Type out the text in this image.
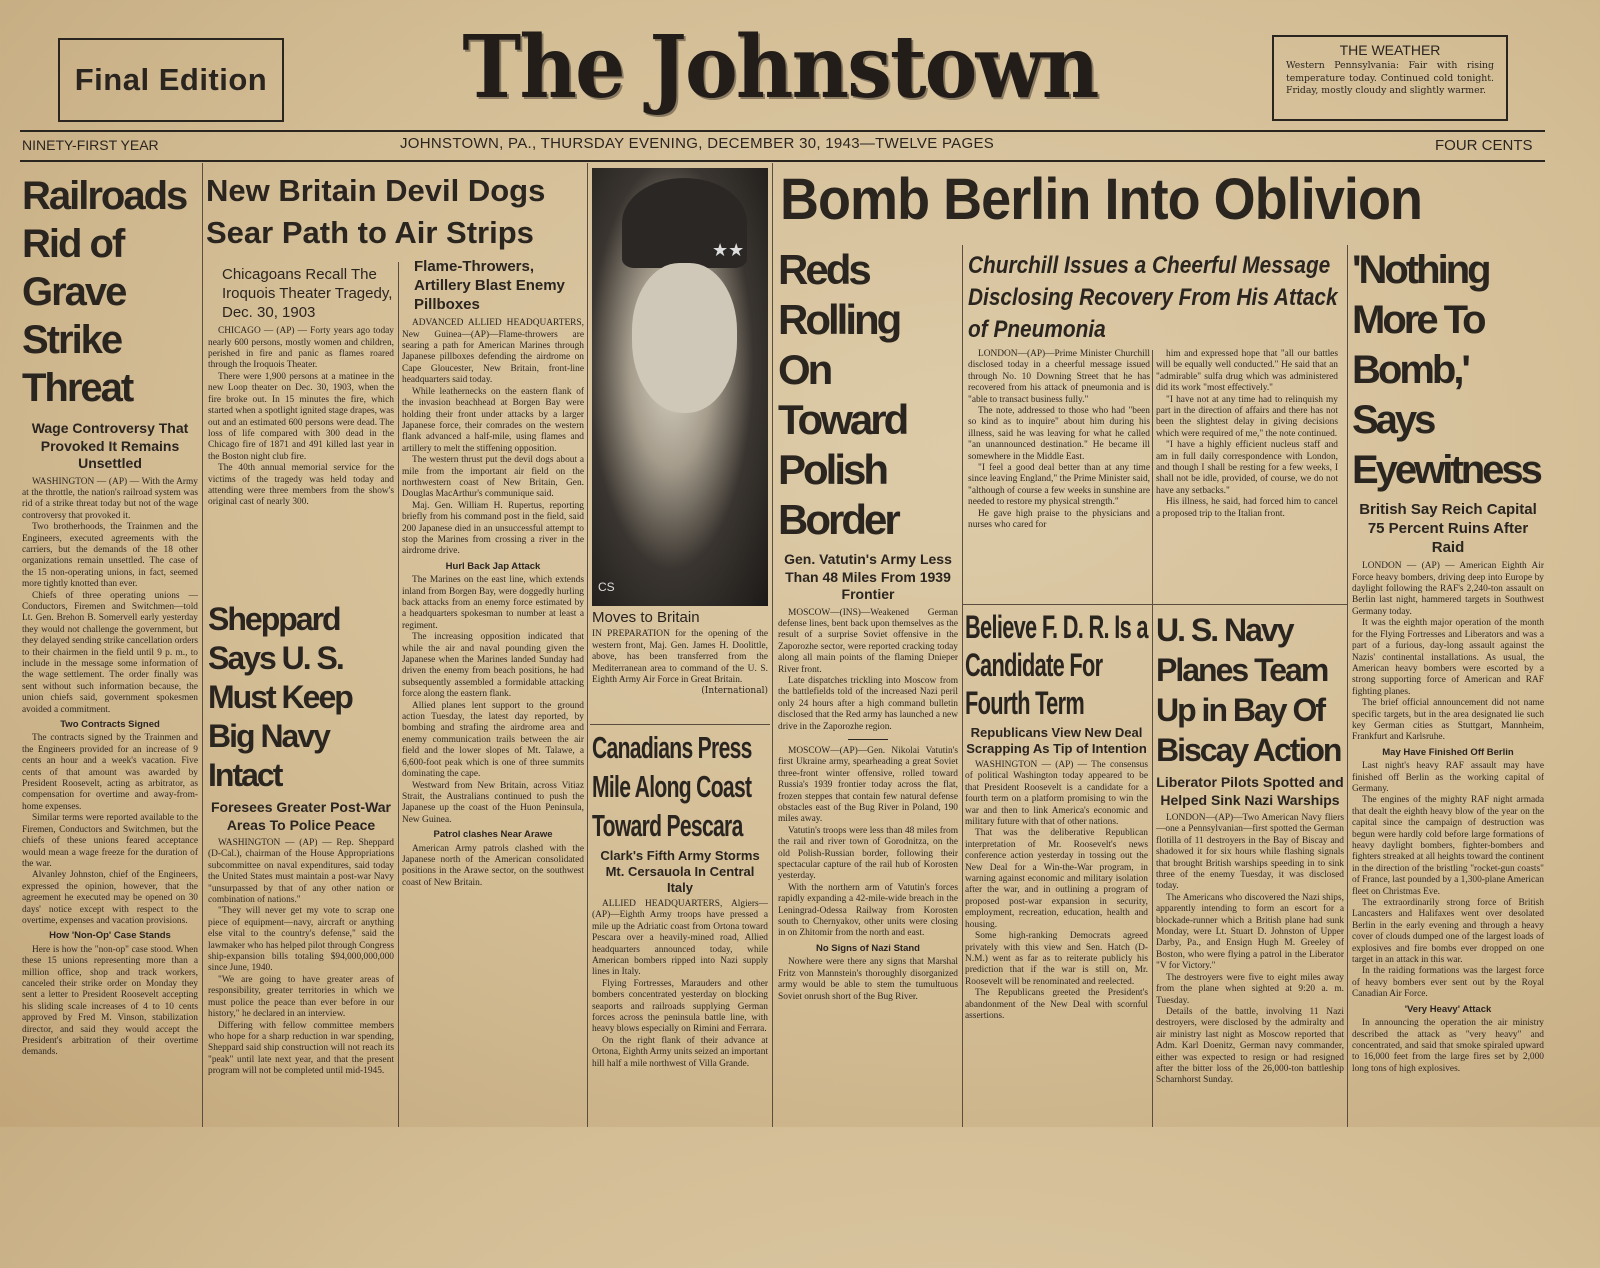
Final Edition	The Johnstown	THE WEATHER
Western Pennsylvania: Fair with rising temperature today. Continued cold tonight. Friday, mostly cloudy and slightly warmer.
NINETY-FIRST YEAR	JOHNSTOWN, PA., THURSDAY EVENING, DECEMBER 30, 1943—TWELVE PAGES	FOUR CENTS
Bomb Berlin Into Oblivion
Railroads Rid of Grave Strike Threat
Wage Controversy That Provoked It Remains Unsettled

WASHINGTON — (AP) — With the Army at the throttle, the nation's railroad system was rid of a strike threat today but not of the wage controversy that provoked it.

Two brotherhoods, the Trainmen and the Engineers, executed agreements with the carriers, but the demands of the 18 other organizations remain unsettled. The case of the 15 non-operating unions, in fact, seemed more tightly knotted than ever.

Chiefs of three operating unions —Conductors, Firemen and Switchmen—told Lt. Gen. Brehon B. Somervell early yesterday they would not challenge the government, but they delayed sending strike cancellation orders to their chairmen in the field until 9 p. m., to include in the message some information of the wage settlement. The order finally was sent without such information because, the union chiefs said, government spokesmen avoided a commitment.

Two Contracts Signed

The contracts signed by the Trainmen and the Engineers provided for an increase of 9 cents an hour and a week's vacation. Five cents of that amount was awarded by President Roosevelt, acting as arbitrator, as compensation for overtime and away-from-home expenses.

Similar terms were reported available to the Firemen, Conductors and Switchmen, but the chiefs of these unions feared acceptance would mean a wage freeze for the duration of the war.

Alvanley Johnston, chief of the Engineers, expressed the opinion, however, that the agreement he executed may be opened on 30 days' notice except with respect to the overtime, expenses and vacation provisions.

How 'Non-Op' Case Stands

Here is how the "non-op" case stood. When these 15 unions representing more than a million office, shop and track workers, canceled their strike order on Monday they sent a letter to President Roosevelt accepting his sliding scale increases of 4 to 10 cents approved by Fred M. Vinson, stabilization director, and said they would accept the President's arbitration of their overtime demands.

New Britain Devil Dogs Sear Path to Air Strips
Chicagoans Recall The Iroquois Theater Tragedy, Dec. 30, 1903

CHICAGO — (AP) — Forty years ago today nearly 600 persons, mostly women and children, perished in fire and panic as flames roared through the Iroquois Theater.

There were 1,900 persons at a matinee in the new Loop theater on Dec. 30, 1903, when the fire broke out. In 15 minutes the fire, which started when a spotlight ignited stage drapes, was out and an estimated 600 persons were dead. The loss of life compared with 300 dead in the Chicago fire of 1871 and 491 killed last year in the Boston night club fire.

The 40th annual memorial service for the victims of the tragedy was held today and attending were three members from the show's original cast of nearly 300.

Sheppard Says U. S. Must Keep Big Navy Intact
Foresees Greater Post-War Areas To Police Peace

WASHINGTON — (AP) — Rep. Sheppard (D-Cal.), chairman of the House Appropriations subcommittee on naval expenditures, said today the United States must maintain a post-war Navy "unsurpassed by that of any other nation or combination of nations."

"They will never get my vote to scrap one piece of equipment—navy, aircraft or anything else vital to the country's defense," said the lawmaker who has helped pilot through Congress ship-expansion bills totaling $94,000,000,000 since June, 1940.

"We are going to have greater areas of responsibility, greater territories in which we must police the peace than ever before in our history," he declared in an interview.

Differing with fellow committee members who hope for a sharp reduction in war spending, Sheppard said ship construction will not reach its "peak" until late next year, and that the present program will not be completed until mid-1945.

Flame-Throwers, Artillery Blast Enemy Pillboxes

ADVANCED ALLIED HEADQUARTERS, New Guinea—(AP)—Flame-throwers are searing a path for American Marines through Japanese pillboxes defending the airdrome on Cape Gloucester, New Britain, front-line headquarters said today.

While leathernecks on the eastern flank of the invasion beachhead at Borgen Bay were holding their front under attacks by a larger Japanese force, their comrades on the western flank advanced a half-mile, using flames and artillery to melt the stiffening opposition.

The western thrust put the devil dogs about a mile from the important air field on the northwestern coast of New Britain, Gen. Douglas MacArthur's communique said.

Maj. Gen. William H. Rupertus, reporting briefly from his command post in the field, said 200 Japanese died in an unsuccessful attempt to stop the Marines from crossing a river in the airdrome drive.

Hurl Back Jap Attack

The Marines on the east line, which extends inland from Borgen Bay, were doggedly hurling back attacks from an enemy force estimated by a headquarters spokesman to number at least a regiment.

The increasing opposition indicated that while the air and naval pounding given the Japanese when the Marines landed Sunday had driven the enemy from beach positions, he had subsequently assembled a formidable attacking force along the eastern flank.

Allied planes lent support to the ground action Tuesday, the latest day reported, by bombing and strafing the airdrome area and enemy communication trails between the air field and the lower slopes of Mt. Talawe, a 6,600-foot peak which is one of three summits dominating the cape.

Westward from New Britain, across Vitiaz Strait, the Australians continued to push the Japanese up the coast of the Huon Peninsula, New Guinea.

Patrol clashes Near Arawe

American Army patrols clashed with the Japanese north of the American consolidated positions in the Arawe sector, on the southwest coast of New Britain.

★★
CS
Moves to Britain
IN PREPARATION for the opening of the western front, Maj. Gen. James H. Doolittle, above, has been transferred from the Mediterranean area to command of the U. S. Eighth Army Air Force in Great Britain.
(International)
Canadians Press Mile Along Coast Toward Pescara
Clark's Fifth Army Storms Mt. Cersauola In Central Italy

ALLIED HEADQUARTERS, Algiers—(AP)—Eighth Army troops have pressed a mile up the Adriatic coast from Ortona toward Pescara over a heavily-mined road, Allied headquarters announced today, while American bombers ripped into Nazi supply lines in Italy.

Flying Fortresses, Marauders and other bombers concentrated yesterday on blocking seaports and railroads supplying German forces across the peninsula battle line, with heavy blows especially on Rimini and Ferrara.

On the right flank of their advance at Ortona, Eighth Army units seized an important hill half a mile northwest of Villa Grande.

Reds Rolling On Toward Polish Border
Gen. Vatutin's Army Less Than 48 Miles From 1939 Frontier

MOSCOW—(INS)—Weakened German defense lines, bent back upon themselves as the result of a surprise Soviet offensive in the Zaporozhe sector, were reported cracking today along all main points of the flaming Dnieper River front.

Late dispatches trickling into Moscow from the battlefields told of the increased Nazi peril only 24 hours after a high command bulletin disclosed that the Red army has launched a new drive in the Zaporozhe region.

MOSCOW—(AP)—Gen. Nikolai Vatutin's first Ukraine army, spearheading a great Soviet three-front winter offensive, rolled toward Russia's 1939 frontier today across the flat, frozen steppes that contain few natural defense obstacles east of the Bug River in Poland, 190 miles away.

Vatutin's troops were less than 48 miles from the rail and river town of Gorodnitza, on the old Polish-Russian border, following their spectacular capture of the rail hub of Korosten yesterday.

With the northern arm of Vatutin's forces rapidly expanding a 42-mile-wide breach in the Leningrad-Odessa Railway from Korosten south to Chernyakov, other units were closing in on Zhitomir from the north and east.

No Signs of Nazi Stand

Nowhere were there any signs that Marshal Fritz von Mannstein's thoroughly disorganized army would be able to stem the tumultuous Soviet onrush short of the Bug River.

Churchill Issues a Cheerful Message Disclosing Recovery From His Attack of Pneumonia

LONDON—(AP)—Prime Minister Churchill disclosed today in a cheerful message issued through No. 10 Downing Street that he has recovered from his attack of pneumonia and is "able to transact business fully."

The note, addressed to those who had "been so kind as to inquire" about him during his illness, said he was leaving for what he called "an unannounced destination." He became ill somewhere in the Middle East.

"I feel a good deal better than at any time since leaving England," the Prime Minister said, "although of course a few weeks in sunshine are needed to restore my physical strength."

He gave high praise to the physicians and nurses who cared for

him and expressed hope that "all our battles will be equally well conducted." He said that an "admirable" sulfa drug which was administered did its work "most effectively."

"I have not at any time had to relinquish my part in the direction of affairs and there has not been the slightest delay in giving decisions which were required of me," the note continued.

"I have a highly efficient nucleus staff and am in full daily correspondence with London, and though I shall be resting for a few weeks, I shall not be idle, provided, of course, we do not have any setbacks."

His illness, he said, had forced him to cancel a proposed trip to the Italian front.

Believe F. D. R. Is a Candidate For Fourth Term
Republicans View New Deal Scrapping As Tip of Intention

WASHINGTON — (AP) — The consensus of political Washington today appeared to be that President Roosevelt is a candidate for a fourth term on a platform promising to win the war and then to link America's economic and military future with that of other nations.

That was the deliberative Republican interpretation of Mr. Roosevelt's news conference action yesterday in tossing out the New Deal for a Win-the-War program, in warning against economic and military isolation after the war, and in outlining a program of proposed post-war expansion in security, employment, recreation, education, health and housing.

Some high-ranking Democrats agreed privately with this view and Sen. Hatch (D-N.M.) went as far as to reiterate publicly his prediction that if the war is still on, Mr. Roosevelt will be renominated and reelected.

The Republicans greeted the President's abandonment of the New Deal with scornful assertions.

U. S. Navy Planes Team Up in Bay Of Biscay Action
Liberator Pilots Spotted and Helped Sink Nazi Warships

LONDON—(AP)—Two American Navy fliers—one a Pennsylvanian—first spotted the German flotilla of 11 destroyers in the Bay of Biscay and shadowed it for six hours while flashing signals that brought British warships speeding in to sink three of the enemy Tuesday, it was disclosed today.

The Americans who discovered the Nazi ships, apparently intending to form an escort for a blockade-runner which a British plane had sunk Monday, were Lt. Stuart D. Johnston of Upper Darby, Pa., and Ensign Hugh M. Greeley of Boston, who were flying a patrol in the Liberator "V for Victory."

The destroyers were five to eight miles away from the plane when sighted at 9:20 a. m. Tuesday.

Details of the battle, involving 11 Nazi destroyers, were disclosed by the admiralty and air ministry last night as Moscow reported that Adm. Karl Doenitz, German navy commander, either was expected to resign or had resigned after the bitter loss of the 26,000-ton battleship Scharnhorst Sunday.

'Nothing More To Bomb,' Says Eyewitness
British Say Reich Capital 75 Percent Ruins After Raid

LONDON — (AP) — American Eighth Air Force heavy bombers, driving deep into Europe by daylight following the RAF's 2,240-ton assault on Berlin last night, hammered targets in Southwest Germany today.

It was the eighth major operation of the month for the Flying Fortresses and Liberators and was a part of a furious, day-long assault against the Nazis' continental installations. As usual, the American heavy bombers were escorted by a strong supporting force of American and RAF fighting planes.

The brief official announcement did not name specific targets, but in the area designated lie such key German cities as Stuttgart, Mannheim, Frankfurt and Karlsruhe.

May Have Finished Off Berlin

Last night's heavy RAF assault may have finished off Berlin as the working capital of Germany.

The engines of the mighty RAF night armada that dealt the eighth heavy blow of the year on the capital since the campaign of destruction was begun were hardly cold before large formations of heavy daylight bombers, fighter-bombers and fighters streaked at all heights toward the continent in the direction of the bristling "rocket-gun coasts" of France, last pounded by a 1,300-plane American fleet on Christmas Eve.

The extraordinarily strong force of British Lancasters and Halifaxes went over desolated Berlin in the early evening and through a heavy cover of clouds dumped one of the largest loads of explosives and fire bombs ever dropped on one target in an attack in this war.

In the raiding formations was the largest force of heavy bombers ever sent out by the Royal Canadian Air Force.

'Very Heavy' Attack

In announcing the operation the air ministry described the attack as "very heavy" and concentrated, and said that smoke spiraled upward to 16,000 feet from the large fires set by 2,000 long tons of high explosives.
